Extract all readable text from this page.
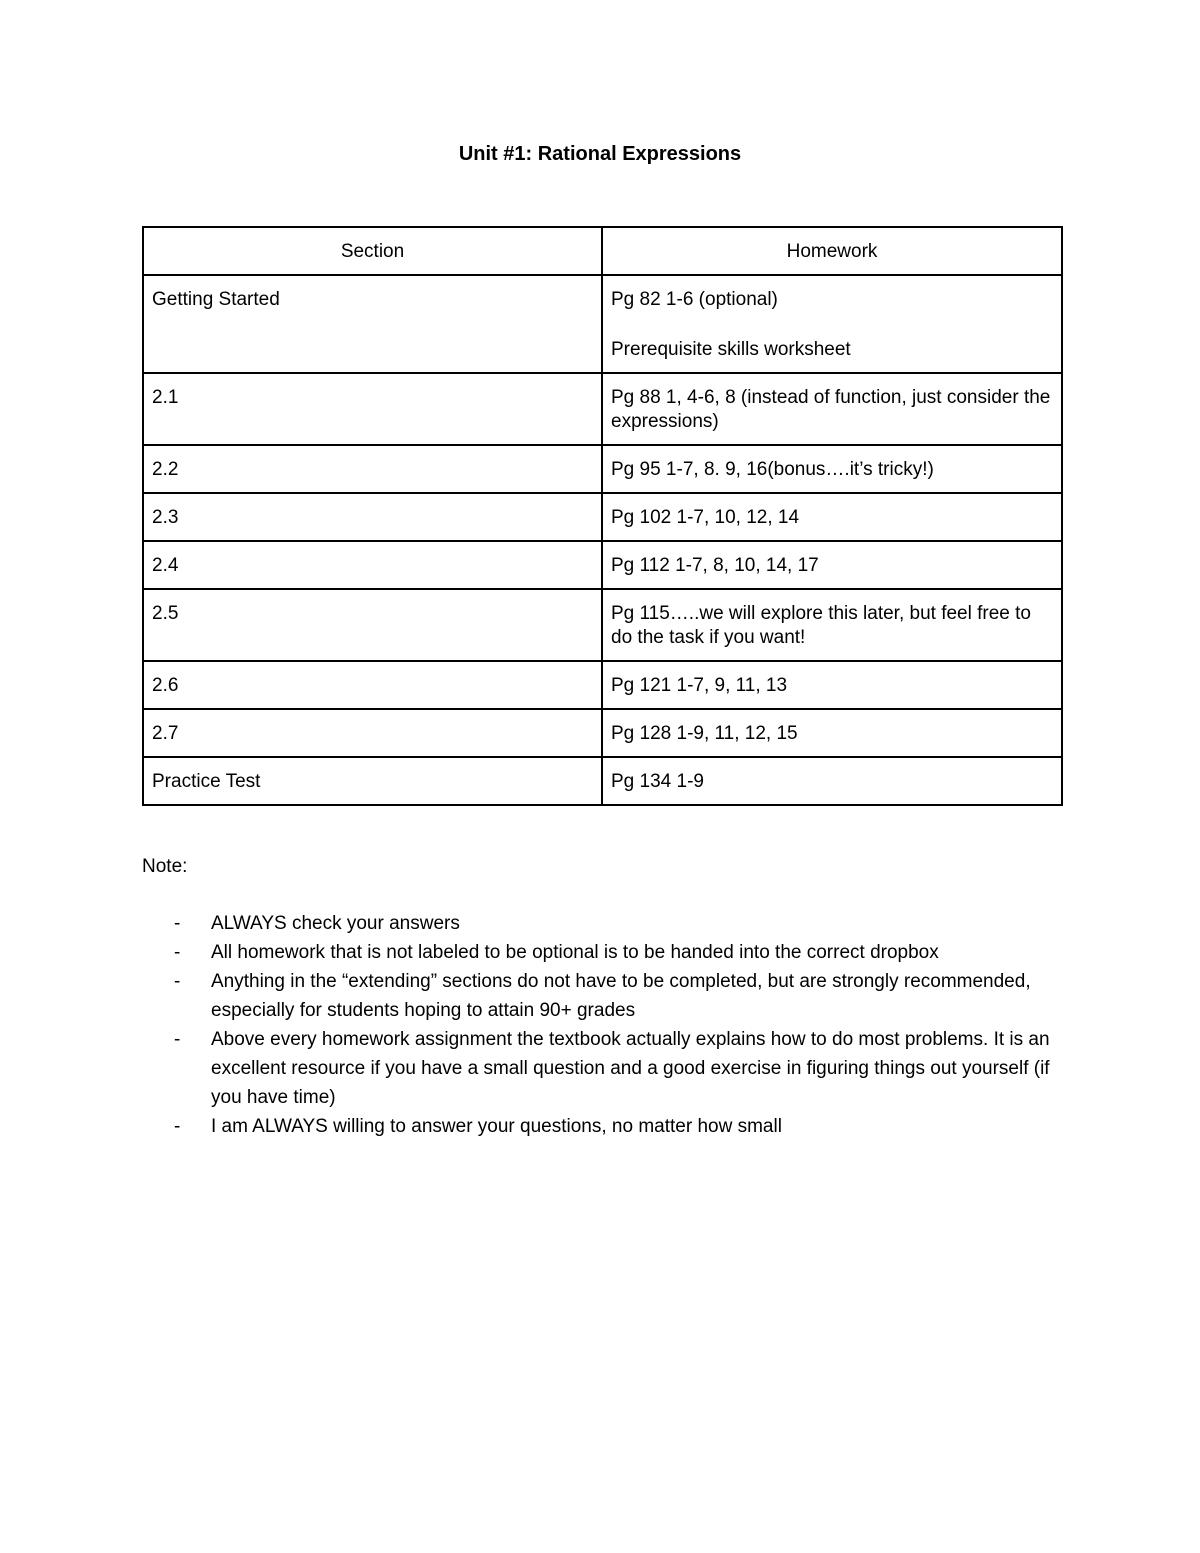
Unit #1: Rational Expressions
Section	Homework
Getting Started	Pg 82 1-6 (optional)
Prerequisite skills worksheet

2.1	Pg 88 1, 4-6, 8 (instead of function, just consider the expressions)

2.2	Pg 95 1-7, 8. 9, 16(bonus….it’s tricky!)

2.3	Pg 102 1-7, 10, 12, 14

2.4	Pg 112 1-7, 8, 10, 14, 17

2.5	Pg 115…..we will explore this later, but feel free to do the task if you want!

2.6	Pg 121 1-7, 9, 11, 13

2.7	Pg 128 1-9, 11, 12, 15

Practice Test	Pg 134 1-9
Note:
- ALWAYS check your answers
- All homework that is not labeled to be optional is to be handed into the correct dropbox
- Anything in the “extending” sections do not have to be completed, but are strongly recommended, especially for students hoping to attain 90+ grades
- Above every homework assignment the textbook actually explains how to do most problems. It is an excellent resource if you have a small question and a good exercise in figuring things out yourself (if you have time)
- I am ALWAYS willing to answer your questions, no matter how small
